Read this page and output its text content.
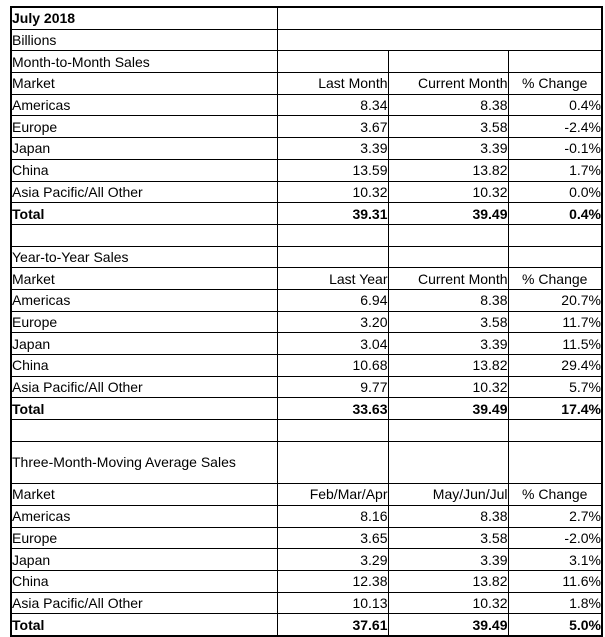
July 2018			
Billions			
Month-to-Month Sales			
Market	Last Month	Current Month	% Change
Americas	8.34	8.38	0.4%
Europe	3.67	3.58	-2.4%
Japan	3.39	3.39	-0.1%
China	13.59	13.82	1.7%
Asia Pacific/All Other	10.32	10.32	0.0%
Total	39.31	39.49	0.4%

Year-to-Year Sales			
Market	Last Year	Current Month	% Change
Americas	6.94	8.38	20.7%
Europe	3.20	3.58	11.7%
Japan	3.04	3.39	11.5%
China	10.68	13.82	29.4%
Asia Pacific/All Other	9.77	10.32	5.7%
Total	33.63	39.49	17.4%

Three-Month-Moving Average Sales			
Market	Feb/Mar/Apr	May/Jun/Jul	% Change
Americas	8.16	8.38	2.7%
Europe	3.65	3.58	-2.0%
Japan	3.29	3.39	3.1%
China	12.38	13.82	11.6%
Asia Pacific/All Other	10.13	10.32	1.8%
Total	37.61	39.49	5.0%
